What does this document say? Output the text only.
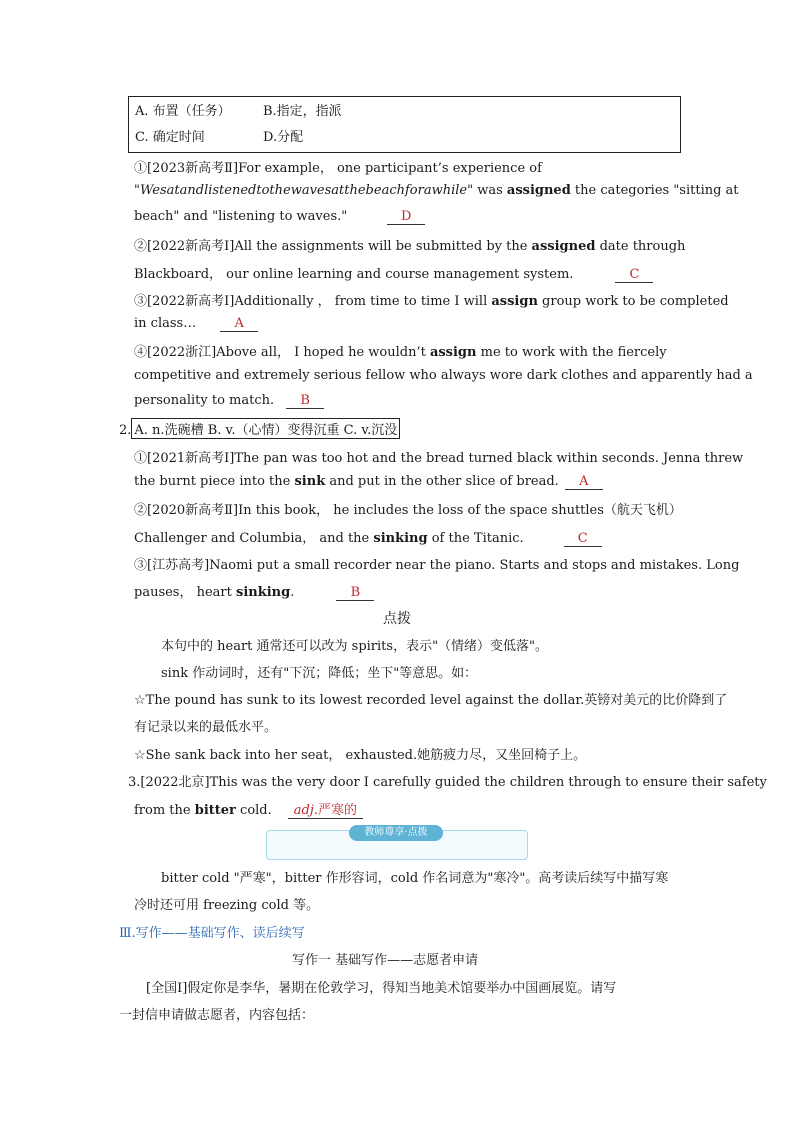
A. 布置（任务） B.指定，指派
C. 确定时间	D.分配
①[2023新高考Ⅱ]For example， one participant’s experience of
"Wesatandlistenedtothewavesatthebeachforawhile" was assigned the categories "sitting at
beach" and "listening to waves."	D
②[2022新高考Ⅰ]All the assignments will be submitted by the assigned date through
Blackboard， our online learning and course management system.	C
③[2022新高考Ⅰ]Additionally ， from time to time I will assign group work to be completed
in class…	A
④[2022浙江]Above all， I hoped he wouldn’t assign me to work with the fiercely
competitive and extremely serious fellow who always wore dark clothes and apparently had a
personality to match. B
2. A. n.洗碗槽 B. v.（心情）变得沉重 C. v.沉没
①[2021新高考Ⅰ]The pan was too hot and the bread turned black within seconds. Jenna threw
the burnt piece into the sink and put in the other slice of bread. A
②[2020新高考Ⅱ]In this book， he includes the loss of the space shuttles（航天飞机）
Challenger and Columbia， and the sinking of the Titanic.	C
③[江苏高考]Naomi put a small recorder near the piano. Starts and stops and mistakes. Long
pauses， heart sinking.	B
点拨
本句中的 heart 通常还可以改为 spirits，表示"（情绪）变低落"。
sink 作动词时，还有"下沉；降低；坐下"等意思。如：
☆The pound has sunk to its lowest recorded level against the dollar.英镑对美元的比价降到了
有记录以来的最低水平。
☆She sank back into her seat， exhausted.她筋疲力尽，又坐回椅子上。
3.[2022北京]This was the very door I carefully guided the children through to ensure their safety
from the bitter cold. adj.严寒的
教师尊享·点拨
bitter cold "严寒"，bitter 作形容词，cold 作名词意为"寒冷"。高考读后续写中描写寒
冷时还可用 freezing cold 等。
Ⅲ.写作——基础写作、读后续写
写作一 基础写作——志愿者申请
[全国Ⅰ]假定你是李华，暑期在伦敦学习，得知当地美术馆要举办中国画展览。请写
一封信申请做志愿者，内容包括：
